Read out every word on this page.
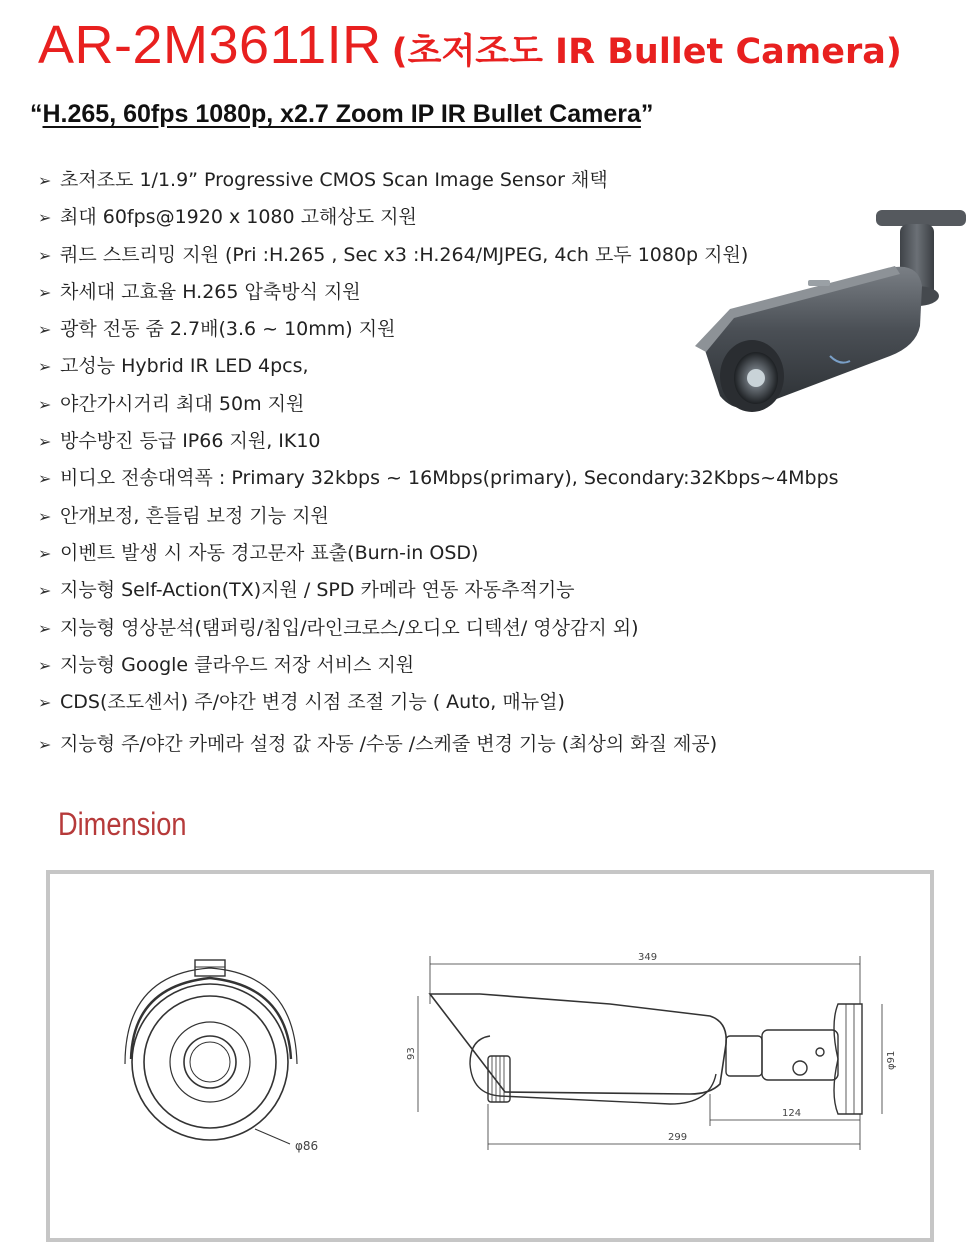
AR-2M3611IR (초저조도 IR Bullet Camera)
“H.265, 60fps 1080p, x2.7 Zoom IP IR Bullet Camera”
➢ 초저조도 1/1.9” Progressive CMOS Scan Image Sensor 채택
➢ 최대 60fps@1920 x 1080 고해상도 지원
➢ 쿼드 스트리밍 지원 (Pri :H.265 , Sec x3 :H.264/MJPEG, 4ch 모두 1080p 지원)
➢ 차세대 고효율 H.265 압축방식 지원
➢ 광학 전동 줌 2.7배(3.6 ~ 10mm) 지원
➢ 고성능 Hybrid IR LED 4pcs,
➢ 야간가시거리 최대 50m 지원
➢ 방수방진 등급 IP66 지원, IK10
➢ 비디오 전송대역폭 : Primary 32kbps ~ 16Mbps(primary), Secondary:32Kbps~4Mbps
➢ 안개보정, 흔들림 보정 기능 지원
➢ 이벤트 발생 시 자동 경고문자 표출(Burn-in OSD)
➢ 지능형 Self-Action(TX)지원 / SPD 카메라 연동 자동추적기능
➢ 지능형 영상분석(탬퍼링/침입/라인크로스/오디오 디텍션/ 영상감지 외)
➢ 지능형 Google 클라우드 저장 서비스 지원
➢ CDS(조도센서) 주/야간 변경 시점 조절 기능 ( Auto, 매뉴얼)
➢ 지능형 주/야간 카메라 설정 값 자동 /수동 /스케줄 변경 기능 (최상의 화질 제공)
Dimension
φ86
349
93
124
299
φ91
